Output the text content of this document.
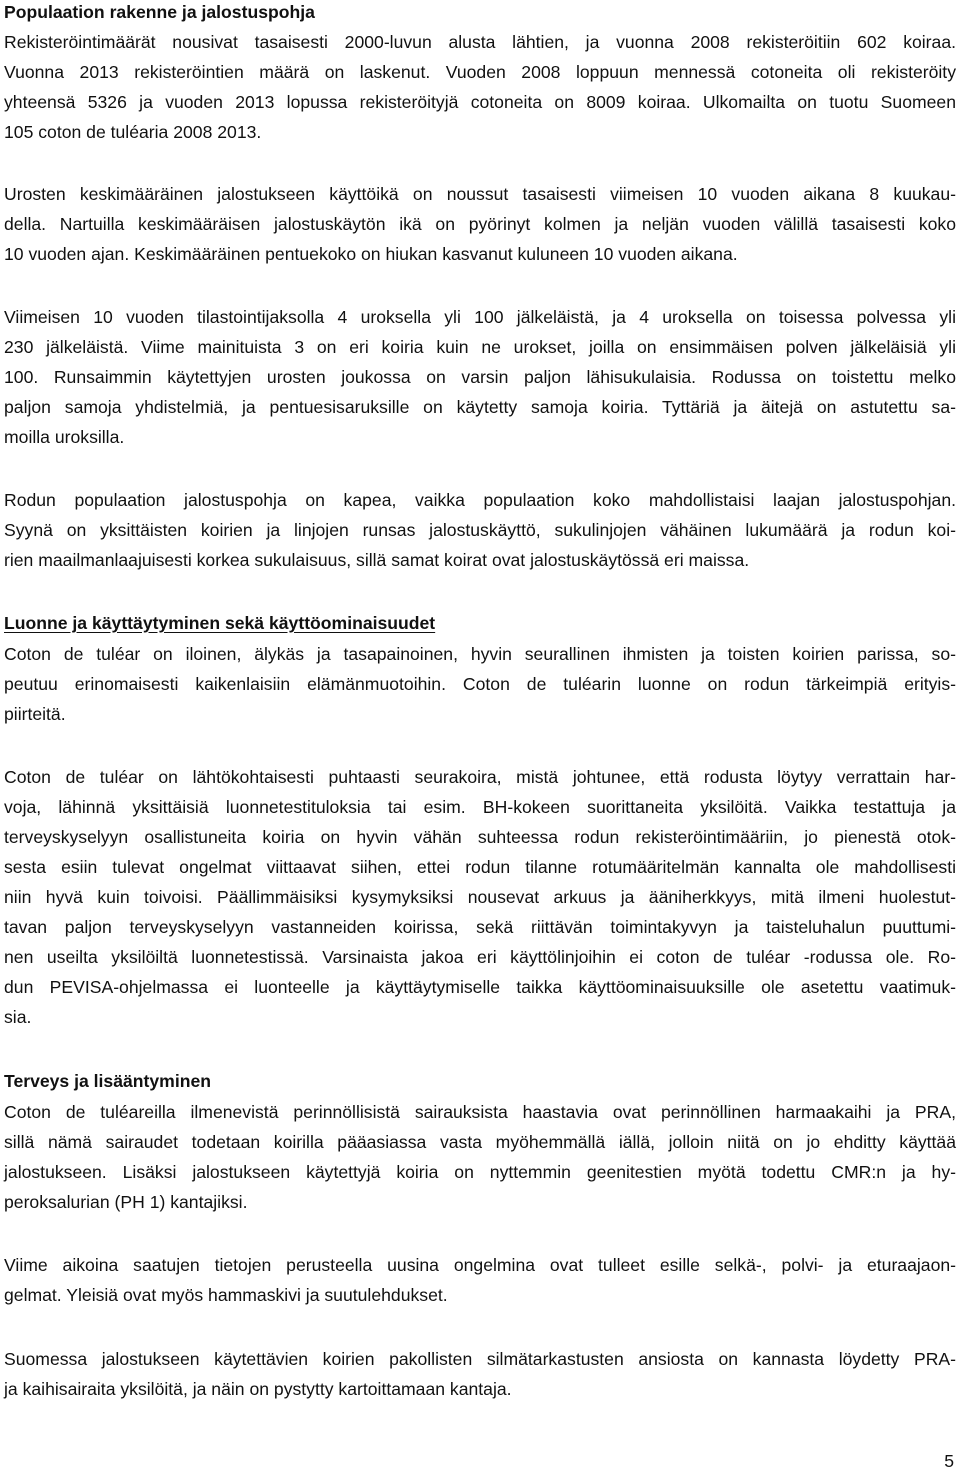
Populaation rakenne ja jalostuspohja

Rekisteröintimäärät nousivat tasaisesti 2000-luvun alusta lähtien, ja vuonna 2008 rekisteröitiin 602 koiraa.

Vuonna 2013 rekisteröintien määrä on laskenut. Vuoden 2008 loppuun mennessä cotoneita oli rekisteröity

yhteensä 5326 ja vuoden 2013 lopussa rekisteröityjä cotoneita on 8009 koiraa. Ulkomailta on tuotu Suomeen

105 coton de tuléaria 2008 2013.

Urosten keskimääräinen jalostukseen käyttöikä on noussut tasaisesti viimeisen 10 vuoden aikana 8 kuukau-

della. Nartuilla keskimääräisen jalostuskäytön ikä on pyörinyt kolmen ja neljän vuoden välillä tasaisesti koko

10 vuoden ajan. Keskimääräinen pentuekoko on hiukan kasvanut kuluneen 10 vuoden aikana.

Viimeisen 10 vuoden tilastointijaksolla 4 uroksella yli 100 jälkeläistä, ja 4 uroksella on toisessa polvessa yli

230 jälkeläistä. Viime mainituista 3 on eri koiria kuin ne urokset, joilla on ensimmäisen polven jälkeläisiä yli

100. Runsaimmin käytettyjen urosten joukossa on varsin paljon lähisukulaisia. Rodussa on toistettu melko

paljon samoja yhdistelmiä, ja pentuesisaruksille on käytetty samoja koiria. Tyttäriä ja äitejä on astutettu sa-

moilla uroksilla.

Rodun populaation jalostuspohja on kapea, vaikka populaation koko mahdollistaisi laajan jalostuspohjan.

Syynä on yksittäisten koirien ja linjojen runsas jalostuskäyttö, sukulinjojen vähäinen lukumäärä ja rodun koi-

rien maailmanlaajuisesti korkea sukulaisuus, sillä samat koirat ovat jalostuskäytössä eri maissa.

Luonne ja käyttäytyminen sekä käyttöominaisuudet

Coton de tuléar on iloinen, älykäs ja tasapainoinen, hyvin seurallinen ihmisten ja toisten koirien parissa, so-

peutuu erinomaisesti kaikenlaisiin elämänmuotoihin. Coton de tuléarin luonne on rodun tärkeimpiä erityis-

piirteitä.

Coton de tuléar on lähtökohtaisesti puhtaasti seurakoira, mistä johtunee, että rodusta löytyy verrattain har-

voja, lähinnä yksittäisiä luonnetestituloksia tai esim. BH-kokeen suorittaneita yksilöitä. Vaikka testattuja ja

terveyskyselyyn osallistuneita koiria on hyvin vähän suhteessa rodun rekisteröintimääriin, jo pienestä otok-

sesta esiin tulevat ongelmat viittaavat siihen, ettei rodun tilanne rotumääritelmän kannalta ole mahdollisesti

niin hyvä kuin toivoisi. Päällimmäisiksi kysymyksiksi nousevat arkuus ja ääniherkkyys, mitä ilmeni huolestut-

tavan paljon terveyskyselyyn vastanneiden koirissa, sekä riittävän toimintakyvyn ja taisteluhalun puuttumi-

nen useilta yksilöiltä luonnetestissä. Varsinaista jakoa eri käyttölinjoihin ei coton de tuléar -rodussa ole. Ro-

dun PEVISA-ohjelmassa ei luonteelle ja käyttäytymiselle taikka käyttöominaisuuksille ole asetettu vaatimuk-

sia.

Terveys ja lisääntyminen

Coton de tuléareilla ilmenevistä perinnöllisistä sairauksista haastavia ovat perinnöllinen harmaakaihi ja PRA,

sillä nämä sairaudet todetaan koirilla pääasiassa vasta myöhemmällä iällä, jolloin niitä on jo ehditty käyttää

jalostukseen. Lisäksi jalostukseen käytettyjä koiria on nyttemmin geenitestien myötä todettu CMR:n ja hy-

peroksalurian (PH 1) kantajiksi.

Viime aikoina saatujen tietojen perusteella uusina ongelmina ovat tulleet esille selkä-, polvi- ja eturaajaon-

gelmat. Yleisiä ovat myös hammaskivi ja suutulehdukset.

Suomessa jalostukseen käytettävien koirien pakollisten silmätarkastusten ansiosta on kannasta löydetty PRA-

ja kaihisairaita yksilöitä, ja näin on pystytty kartoittamaan kantaja.

5
